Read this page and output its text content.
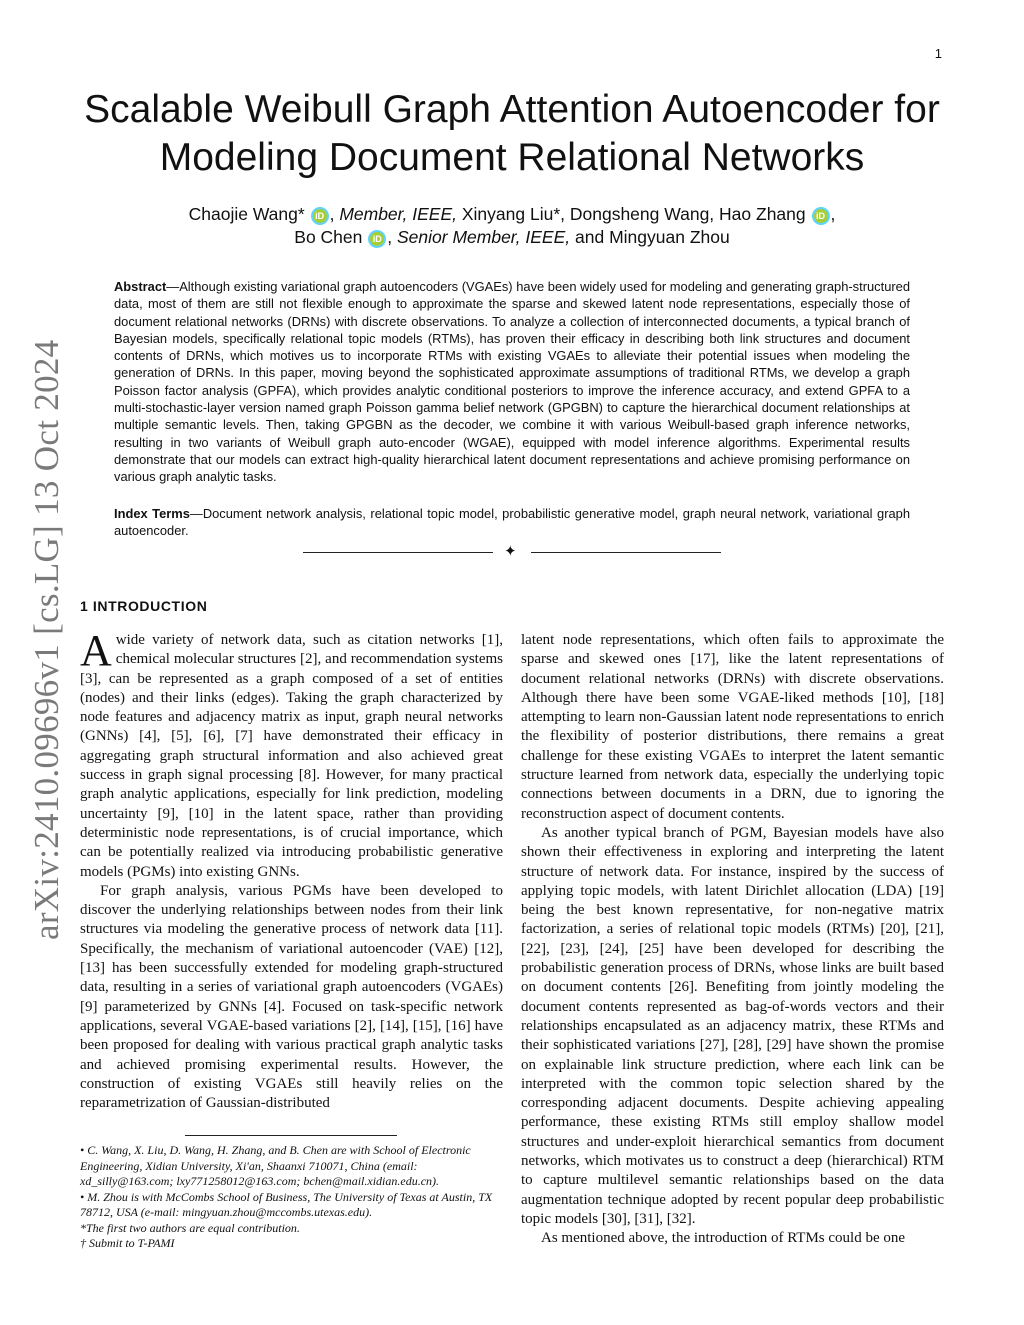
1
Scalable Weibull Graph Attention Autoencoder for
Modeling Document Relational Networks
Chaojie Wang* iD , Member, IEEE, Xinyang Liu*, Dongsheng Wang, Hao Zhang iD ,
Bo Chen iD , Senior Member, IEEE, and Mingyuan Zhou

Abstract—Although existing variational graph autoencoders (VGAEs) have been widely used for modeling and generating graph-structured data, most of them are still not flexible enough to approximate the sparse and skewed latent node representations, especially those of document relational networks (DRNs) with discrete observations. To analyze a collection of interconnected documents, a typical branch of Bayesian models, specifically relational topic models (RTMs), has proven their efficacy in describing both link structures and document contents of DRNs, which motives us to incorporate RTMs with existing VGAEs to alleviate their potential issues when modeling the generation of DRNs. In this paper, moving beyond the sophisticated approximate assumptions of traditional RTMs, we develop a graph Poisson factor analysis (GPFA), which provides analytic conditional posteriors to improve the inference accuracy, and extend GPFA to a multi-stochastic-layer version named graph Poisson gamma belief network (GPGBN) to capture the hierarchical document relationships at multiple semantic levels. Then, taking GPGBN as the decoder, we combine it with various Weibull-based graph inference networks, resulting in two variants of Weibull graph auto-encoder (WGAE), equipped with model inference algorithms. Experimental results demonstrate that our models can extract high-quality hierarchical latent document representations and achieve promising performance on various graph analytic tasks.

Index Terms—Document network analysis, relational topic model, probabilistic generative model, graph neural network, variational graph autoencoder.

✦
arXiv:2410.09696v1 [cs.LG] 13 Oct 2024 1 INTRODUCTION

A wide variety of network data, such as citation networks [1], chemical molecular structures [2], and recommendation systems [3], can be represented as a graph composed of a set of entities (nodes) and their links (edges). Taking the graph characterized by node features and adjacency matrix as input, graph neural networks (GNNs) [4], [5], [6], [7] have demonstrated their efficacy in aggregating graph structural information and also achieved great success in graph signal processing [8]. However, for many practical graph analytic applications, especially for link prediction, modeling uncertainty [9], [10] in the latent space, rather than providing deterministic node representations, is of crucial importance, which can be potentially realized via introducing probabilistic generative models (PGMs) into existing GNNs.

For graph analysis, various PGMs have been developed to discover the underlying relationships between nodes from their link structures via modeling the generative process of network data [11]. Specifically, the mechanism of variational autoencoder (VAE) [12], [13] has been successfully extended for modeling graph-structured data, resulting in a series of variational graph autoencoders (VGAEs) [9] parameterized by GNNs [4]. Focused on task-specific network applications, several VGAE-based variations [2], [14], [15], [16] have been proposed for dealing with various practical graph analytic tasks and achieved promising experimental results. However, the construction of existing VGAEs still heavily relies on the reparametrization of Gaussian-distributed

latent node representations, which often fails to approximate the sparse and skewed ones [17], like the latent representations of document relational networks (DRNs) with discrete observations. Although there have been some VGAE-liked methods [10], [18] attempting to learn non-Gaussian latent node representations to enrich the flexibility of posterior distributions, there remains a great challenge for these existing VGAEs to interpret the latent semantic structure learned from network data, especially the underlying topic connections between documents in a DRN, due to ignoring the reconstruction aspect of document contents.

As another typical branch of PGM, Bayesian models have also shown their effectiveness in exploring and interpreting the latent structure of network data. For instance, inspired by the success of applying topic models, with latent Dirichlet allocation (LDA) [19] being the best known representative, for non-negative matrix factorization, a series of relational topic models (RTMs) [20], [21], [22], [23], [24], [25] have been developed for describing the probabilistic generation process of DRNs, whose links are built based on document contents [26]. Benefiting from jointly modeling the document contents represented as bag-of-words vectors and their relationships encapsulated as an adjacency matrix, these RTMs and their sophisticated variations [27], [28], [29] have shown the promise on explainable link structure prediction, where each link can be interpreted with the common topic selection shared by the corresponding adjacent documents. Despite achieving appealing performance, these existing RTMs still employ shallow model structures and under-exploit hierarchical semantics from document networks, which motivates us to construct a deep (hierarchical) RTM to capture multilevel semantic relationships based on the data augmentation technique adopted by recent popular deep probabilistic topic models [30], [31], [32].

As mentioned above, the introduction of RTMs could be one

• C. Wang, X. Liu, D. Wang, H. Zhang, and B. Chen are with School of Electronic Engineering, Xidian University, Xi'an, Shaanxi 710071, China (email: xd_silly@163.com; lxy771258012@163.com; bchen@mail.xidian.edu.cn).

• M. Zhou is with McCombs School of Business, The University of Texas at Austin, TX 78712, USA (e-mail: mingyuan.zhou@mccombs.utexas.edu).

*The first two authors are equal contribution.

† Submit to T-PAMI
